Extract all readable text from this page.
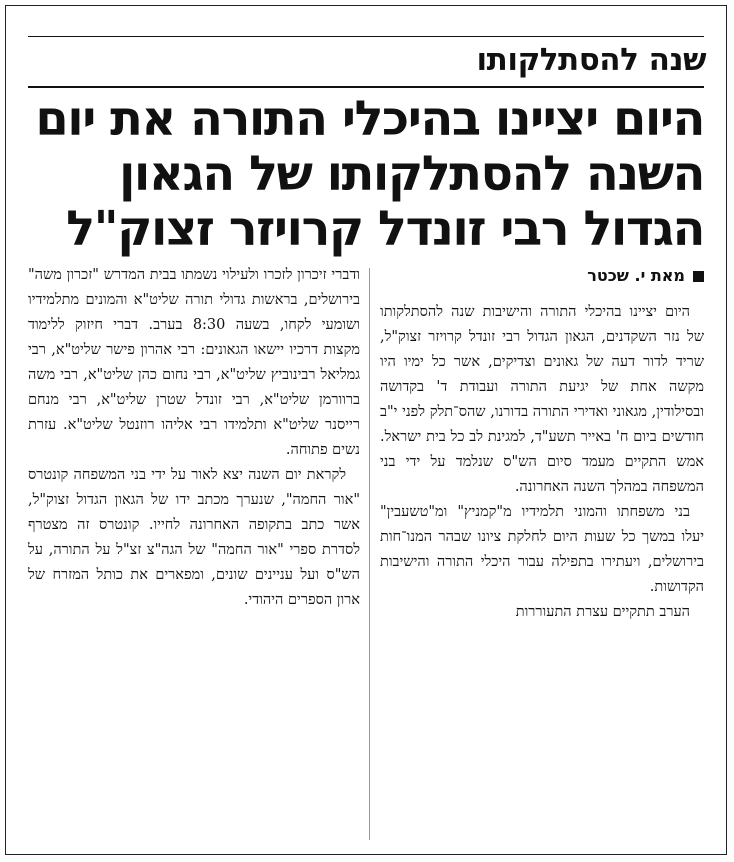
שנה להסתלקותו
היום יציינו בהיכלי התורה את יום
השנה להסתלקותו של הגאון
הגדול רבי זונדל קרויזר זצוק"ל
מאת י. שכטר

היום יציינו בהיכלי התורה והישיבות שנה להסתלקותו של נזר השקדנים, הגאון הגדול רבי זונדל קרויזר זצוק"ל, שריד לדור דעה של גאונים וצדיקים, אשר כל ימיו היו מקשה אחת של יגיעת התורה ועבודת ד' בקדושה ובסילודין, מגאוני ואדירי התורה בדורנו, שהס־תלק לפני י"ב חודשים ביום ח' באייר תשע"ד, למגינת לב כל בית ישראל. אמש התקיים מעמד סיום הש"ס שנלמד על ידי בני המשפחה במהלך השנה האחרונה.

בני משפחתו והמוני תלמידיו מ"קמניץ" ומ"טשעבין" יעלו במשך כל שעות היום לחלקת ציונו שבהר המנו־חות בירושלים, ויעתירו בתפילה עבור היכלי התורה והישיבות הקדושות.

הערב תתקיים עצרת התעוררות

ודברי זיכרון לזכרו ולעילוי נשמתו בבית המדרש "זכרון משה" בירושלים, בראשות גדולי תורה שליט"א והמונים מתלמידיו ושומעי לקחו, בשעה 8:30 בערב. דברי חיזוק ללימוד מקצות דרכיו יישאו הגאונים: רבי אהרון פישר שליט"א, רבי גמליאל רבינוביץ שליט"א, רבי נחום כהן שליט"א, רבי משה ברוורמן שליט"א, רבי זונדל שטרן שליט"א, רבי מנחם רייסנר שליט"א ותלמידו רבי אליהו רוזנטל שליט"א. עזרת נשים פתוחה.

לקראת יום השנה יצא לאור על ידי בני המשפחה קונטרס "אור החמה", שנערך מכתב ידו של הגאון הגדול זצוק"ל, אשר כתב בתקופה האחרונה לחייו. קונטרס זה מצטרף לסדרת ספרי "אור החמה" של הגה"צ זצ"ל על התורה, על הש"ס ועל עניינים שונים, ומפארים את כותל המזרח של ארון הספרים היהודי.
